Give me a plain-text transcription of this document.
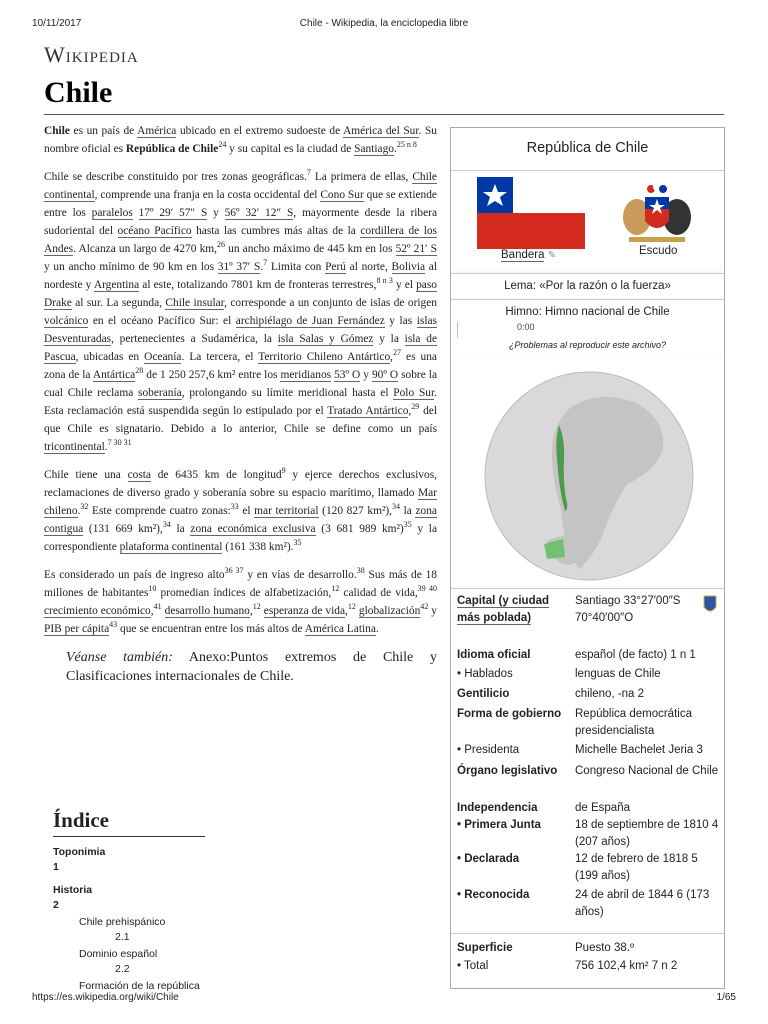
10/11/2017	Chile - Wikipedia, la enciclopedia libre
Wikipedia
Chile

Chile es un país de América ubicado en el extremo sudoeste de América del Sur. Su nombre oficial es República de Chile$^{24}$ y su capital es la ciudad de Santiago.$^{25 n 8}$

Chile se describe constituido por tres zonas geográficas.$^7$ La primera de ellas, Chile continental, comprende una franja en la costa occidental del Cono Sur que se extiende entre los paralelos 17º 29′ 57″ S y 56º 32′ 12″ S, mayormente desde la ribera sudoriental del océano Pacífico hasta las cumbres más altas de la cordillera de los Andes. Alcanza un largo de 4270 km,$^{26}$ un ancho máximo de 445 km en los 52º 21′ S y un ancho mínimo de 90 km en los 31º 37′ S.$^7$ Limita con Perú al norte, Bolivia al nordeste y Argentina al este, totalizando 7801 km de fronteras terrestres,$^{8 n 3}$ y el paso Drake al sur. La segunda, Chile insular, corresponde a un conjunto de islas de origen volcánico en el océano Pacífico Sur: el archipiélago de Juan Fernández y las islas Desventuradas, pertenecientes a Sudamérica, la isla Salas y Gómez y la isla de Pascua, ubicadas en Oceanía. La tercera, el Territorio Chileno Antártico,$^{27}$ es una zona de la Antártica$^{28}$ de 1 250 257,6 km² entre los meridianos 53º O y 90º O sobre la cual Chile reclama soberanía, prolongando su límite meridional hasta el Polo Sur. Esta reclamación está suspendida según lo estipulado por el Tratado Antártico,$^{29}$ del que Chile es signatario. Debido a lo anterior, Chile se define como un país tricontinental.$^{7 30 31}$

Chile tiene una costa de 6435 km de longitud$^9$ y ejerce derechos exclusivos, reclamaciones de diverso grado y soberanía sobre su espacio marítimo, llamado Mar chileno.$^{32}$ Este comprende cuatro zonas:$^{33}$ el mar territorial (120 827 km²),$^{34}$ la zona contigua (131 669 km²),$^{34}$ la zona económica exclusiva (3 681 989 km²)$^{35}$ y la correspondiente plataforma continental (161 338 km²).$^{35}$

Es considerado un país de ingreso alto$^{36 37}$ y en vías de desarrollo.$^{38}$ Sus más de 18 millones de habitantes$^{10}$ promedian índices de alfabetización,$^{12}$ calidad de vida,$^{39 40}$ crecimiento económico,$^{41}$ desarrollo humano,$^{12}$ esperanza de vida,$^{12}$ globalización$^{42}$ y PIB per cápita$^{43}$ que se encuentran entre los más altos de América Latina.

Véanse también: Anexo:Puntos extremos de Chile y Clasificaciones internacionales de Chile.
Índice
Toponimia
1
Historia
2
Chile prehispánico
2.1
Dominio español
2.2
Formación de la república
República de Chile
Bandera ✎	Escudo
Lema: «Por la razón o la fuerza»
Himno: Himno nacional de Chile
0:00
¿Problemas al reproducir este archivo?
Capital (y ciudad más poblada)
Santiago 33°27′00″S 70°40′00″O
Idioma oficial	español (de facto) 1 n 1
• Hablados	lenguas de Chile
Gentilicio	chileno, -na 2
Forma de gobierno	República democrática presidencialista
• Presidenta	Michelle Bachelet Jeria 3
Órgano legislativo	Congreso Nacional de Chile
Independencia	de España
• Primera Junta	18 de septiembre de 1810 4 (207 años)
• Declarada	12 de febrero de 1818 5 (199 años)
• Reconocida	24 de abril de 1844 6 (173 años)
Superficie	Puesto 38.º
• Total	756 102,4 km² 7 n 2
https://es.wikipedia.org/wiki/Chile	1/65
